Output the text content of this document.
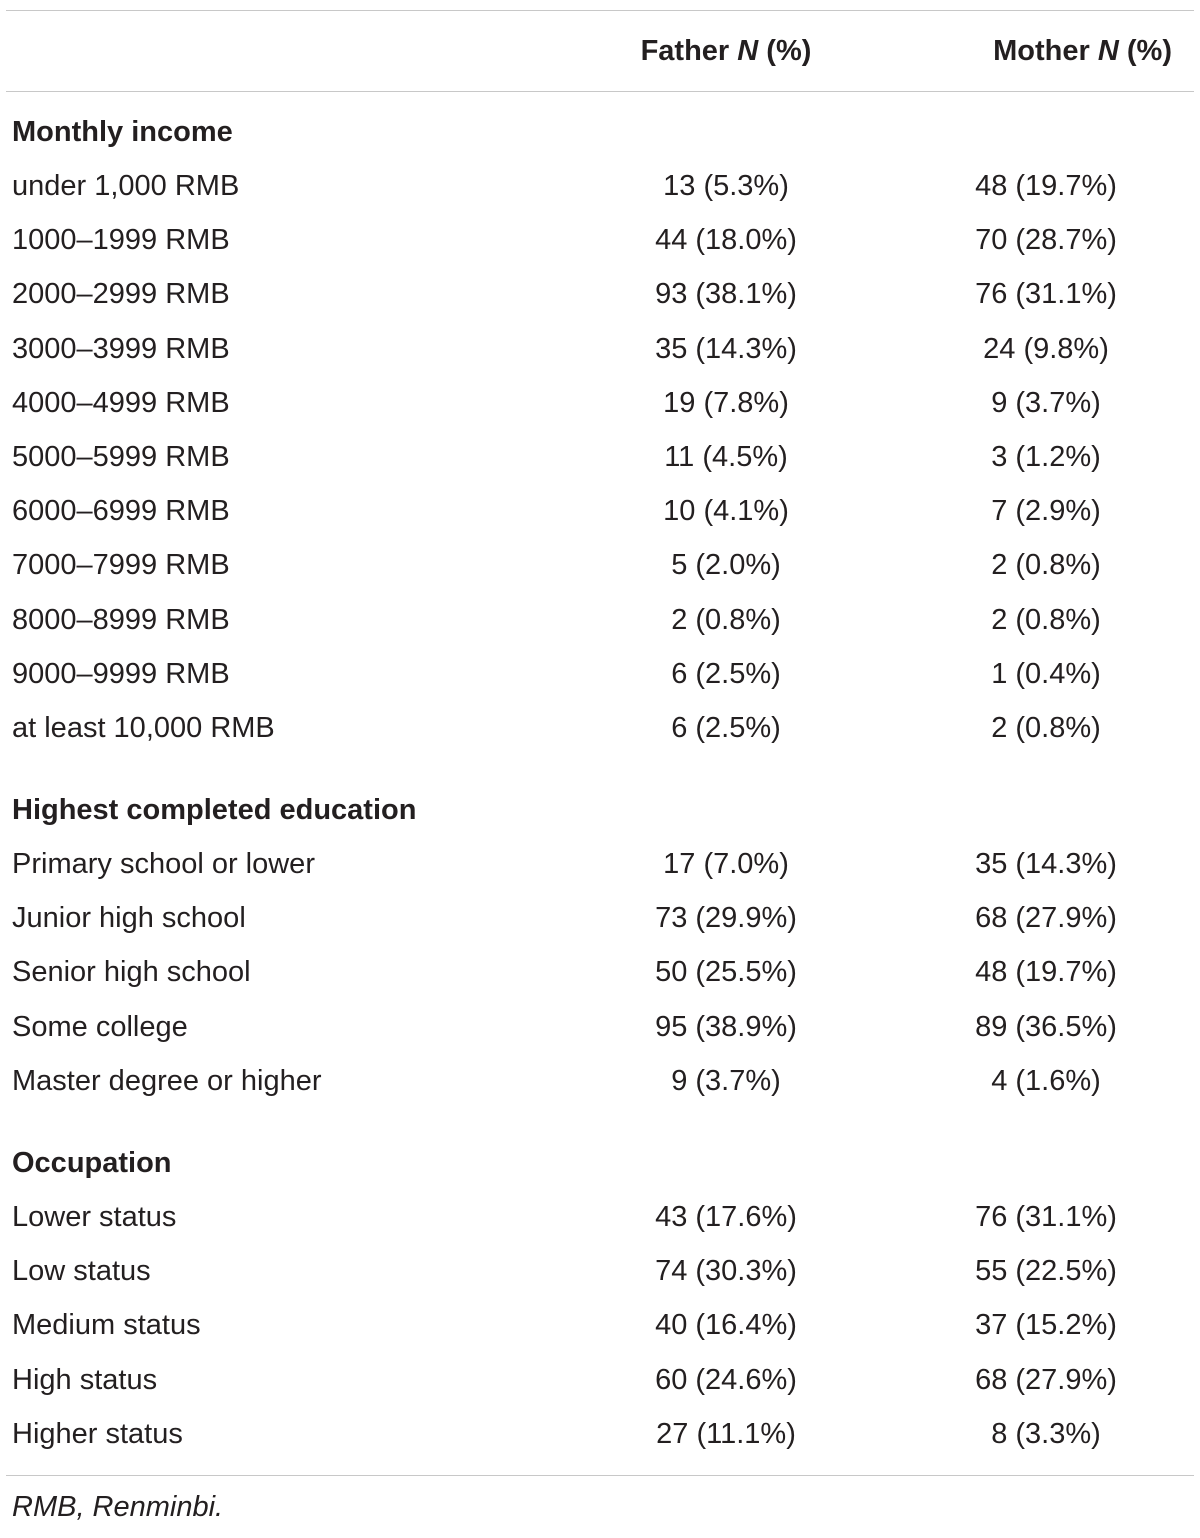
Father N (%)	Mother N (%)
Monthly income
under 1,000 RMB	13 (5.3%)	48 (19.7%)
1000–1999 RMB	44 (18.0%)	70 (28.7%)
2000–2999 RMB	93 (38.1%)	76 (31.1%)
3000–3999 RMB	35 (14.3%)	24 (9.8%)
4000–4999 RMB	19 (7.8%)	9 (3.7%)
5000–5999 RMB	11 (4.5%)	3 (1.2%)
6000–6999 RMB	10 (4.1%)	7 (2.9%)
7000–7999 RMB	5 (2.0%)	2 (0.8%)
8000–8999 RMB	2 (0.8%)	2 (0.8%)
9000–9999 RMB	6 (2.5%)	1 (0.4%)
at least 10,000 RMB	6 (2.5%)	2 (0.8%)
Highest completed education
Primary school or lower	17 (7.0%)	35 (14.3%)
Junior high school	73 (29.9%)	68 (27.9%)
Senior high school	50 (25.5%)	48 (19.7%)
Some college	95 (38.9%)	89 (36.5%)
Master degree or higher	9 (3.7%)	4 (1.6%)
Occupation
Lower status	43 (17.6%)	76 (31.1%)
Low status	74 (30.3%)	55 (22.5%)
Medium status	40 (16.4%)	37 (15.2%)
High status	60 (24.6%)	68 (27.9%)
Higher status	27 (11.1%)	8 (3.3%)
RMB, Renminbi.
